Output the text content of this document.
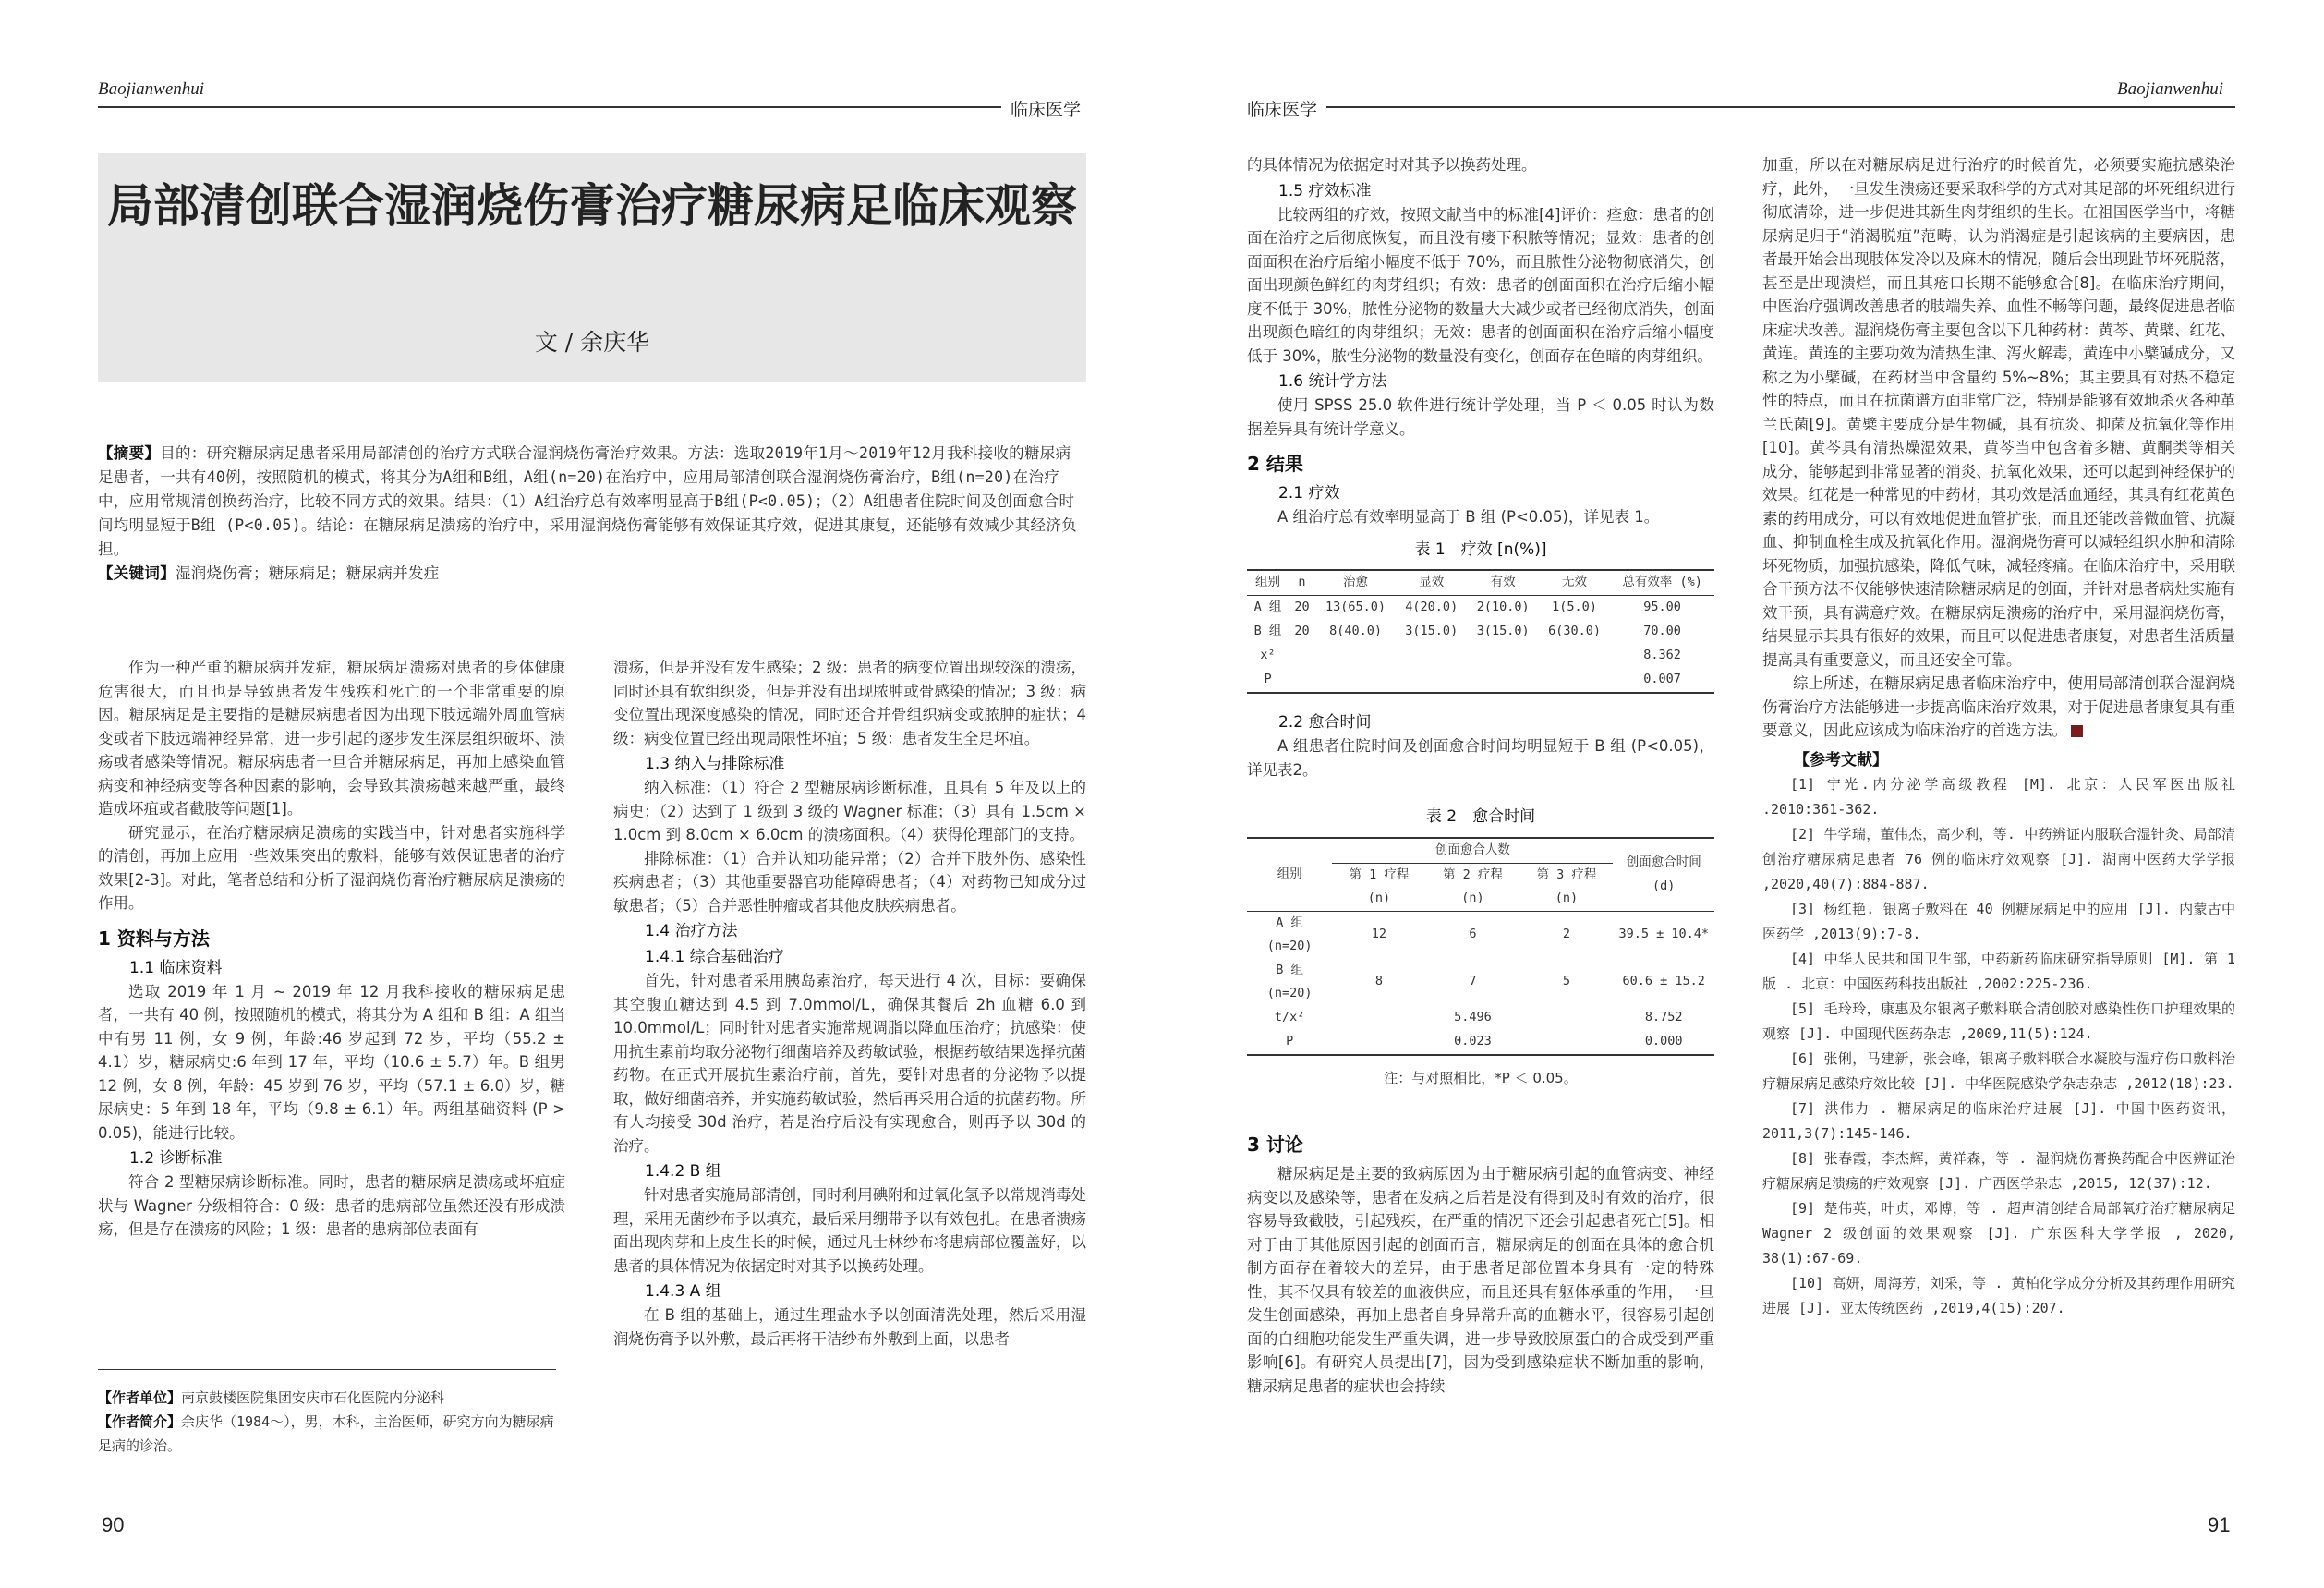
Baojianwenhui
临床医学
局部清创联合湿润烧伤膏治疗糖尿病足临床观察
文 / 余庆华
【摘要】目的：研究糖尿病足患者采用局部清创的治疗方式联合湿润烧伤膏治疗效果。方法：选取2019年1月～2019年12月我科接收的糖尿病足患者，一共有40例，按照随机的模式，将其分为A组和B组，A组(n=20)在治疗中，应用局部清创联合湿润烧伤膏治疗，B组(n=20)在治疗中，应用常规清创换药治疗，比较不同方式的效果。结果：（1）A组治疗总有效率明显高于B组(P<0.05)；（2）A组患者住院时间及创面愈合时间均明显短于B组 (P<0.05)。结论：在糖尿病足溃疡的治疗中，采用湿润烧伤膏能够有效保证其疗效，促进其康复，还能够有效减少其经济负担。
【关键词】湿润烧伤膏；糖尿病足；糖尿病并发症

作为一种严重的糖尿病并发症，糖尿病足溃疡对患者的身体健康危害很大，而且也是导致患者发生残疾和死亡的一个非常重要的原因。糖尿病足是主要指的是糖尿病患者因为出现下肢远端外周血管病变或者下肢远端神经异常，进一步引起的逐步发生深层组织破坏、溃疡或者感染等情况。糖尿病患者一旦合并糖尿病足，再加上感染血管病变和神经病变等各种因素的影响，会导致其溃疡越来越严重，最终造成坏疽或者截肢等问题[1]。

研究显示，在治疗糖尿病足溃疡的实践当中，针对患者实施科学的清创，再加上应用一些效果突出的敷料，能够有效保证患者的治疗效果[2-3]。对此，笔者总结和分析了湿润烧伤膏治疗糖尿病足溃疡的作用。

1 资料与方法
1.1 临床资料

选取 2019 年 1 月 ~ 2019 年 12 月我科接收的糖尿病足患者，一共有 40 例，按照随机的模式，将其分为 A 组和 B 组：A 组当中有男 11 例，女 9 例，年龄:46 岁起到 72 岁，平均（55.2 ± 4.1）岁，糖尿病史:6 年到 17 年，平均（10.6 ± 5.7）年。B 组男 12 例，女 8 例，年龄：45 岁到 76 岁，平均（57.1 ± 6.0）岁，糖尿病史：5 年到 18 年，平均（9.8 ± 6.1）年。两组基础资料 (P > 0.05)，能进行比较。

1.2 诊断标准

符合 2 型糖尿病诊断标准。同时，患者的糖尿病足溃疡或坏疽症状与 Wagner 分级相符合：0 级：患者的患病部位虽然还没有形成溃疡，但是存在溃疡的风险；1 级：患者的患病部位表面有

溃疡，但是并没有发生感染；2 级：患者的病变位置出现较深的溃疡，同时还具有软组织炎，但是并没有出现脓肿或骨感染的情况；3 级：病变位置出现深度感染的情况，同时还合并骨组织病变或脓肿的症状；4 级：病变位置已经出现局限性坏疽；5 级：患者发生全足坏疽。

1.3 纳入与排除标准

纳入标准：（1）符合 2 型糖尿病诊断标准，且具有 5 年及以上的病史；（2）达到了 1 级到 3 级的 Wagner 标准；（3）具有 1.5cm × 1.0cm 到 8.0cm × 6.0cm 的溃疡面积。（4）获得伦理部门的支持。

排除标准：（1）合并认知功能异常；（2）合并下肢外伤、感染性疾病患者；（3）其他重要器官功能障碍患者；（4）对药物已知成分过敏患者；（5）合并恶性肿瘤或者其他皮肤疾病患者。

1.4 治疗方法
1.4.1 综合基础治疗

首先，针对患者采用胰岛素治疗，每天进行 4 次，目标：要确保其空腹血糖达到 4.5 到 7.0mmol/L，确保其餐后 2h 血糖 6.0 到 10.0mmol/L；同时针对患者实施常规调脂以降血压治疗；抗感染：使用抗生素前均取分泌物行细菌培养及药敏试验，根据药敏结果选择抗菌药物。在正式开展抗生素治疗前，首先，要针对患者的分泌物予以提取，做好细菌培养，并实施药敏试验，然后再采用合适的抗菌药物。所有人均接受 30d 治疗，若是治疗后没有实现愈合，则再予以 30d 的治疗。

1.4.2 B 组

针对患者实施局部清创，同时利用碘附和过氧化氢予以常规消毒处理，采用无菌纱布予以填充，最后采用绷带予以有效包扎。在患者溃疡面出现肉芽和上皮生长的时候，通过凡士林纱布将患病部位覆盖好，以患者的具体情况为依据定时对其予以换药处理。

1.4.3 A 组

在 B 组的基础上，通过生理盐水予以创面清洗处理，然后采用湿润烧伤膏予以外敷，最后再将干洁纱布外敷到上面，以患者

【作者单位】南京鼓楼医院集团安庆市石化医院内分泌科
【作者简介】余庆华（1984～），男，本科，主治医师，研究方向为糖尿病足病的诊治。
90
临床医学
Baojianwenhui

的具体情况为依据定时对其予以换药处理。

1.5 疗效标准

比较两组的疗效，按照文献当中的标准[4]评价：痊愈：患者的创面在治疗之后彻底恢复，而且没有瘘下积脓等情况；显效：患者的创面面积在治疗后缩小幅度不低于 70%，而且脓性分泌物彻底消失，创面出现颜色鲜红的肉芽组织；有效：患者的创面面积在治疗后缩小幅度不低于 30%，脓性分泌物的数量大大减少或者已经彻底消失，创面出现颜色暗红的肉芽组织；无效：患者的创面面积在治疗后缩小幅度低于 30%，脓性分泌物的数量没有变化，创面存在色暗的肉芽组织。

1.6 统计学方法

使用 SPSS 25.0 软件进行统计学处理，当 P ＜ 0.05 时认为数据差异具有统计学意义。

2 结果
2.1 疗效

A 组治疗总有效率明显高于 B 组 (P<0.05)，详见表 1。

表 1　疗效 [n(%)]
组别	n	治愈	显效	有效	无效	总有效率 (%)
A 组	20	13(65.0)	4(20.0)	2(10.0)	1(5.0)	95.00
B 组	20	8(40.0)	3(15.0)	3(15.0)	6(30.0)	70.00
x²						8.362
P						0.007
2.2 愈合时间

A 组患者住院时间及创面愈合时间均明显短于 B 组 (P<0.05)，详见表2。

表 2　愈合时间
组别	创面愈合人数			创面愈合时间(d)
	第 1 疗程 (n)	第 2 疗程 (n)	第 3 疗程 (n)	
A 组 (n=20)	12	6	2	39.5 ± 10.4*
B 组 (n=20)	8	7	5	60.6 ± 15.2
t/x²		5.496		8.752
P		0.023		0.000
注：与对照相比，*P ＜ 0.05。
3 讨论

糖尿病足是主要的致病原因为由于糖尿病引起的血管病变、神经病变以及感染等，患者在发病之后若是没有得到及时有效的治疗，很容易导致截肢，引起残疾，在严重的情况下还会引起患者死亡[5]。相对于由于其他原因引起的创面而言，糖尿病足的创面在具体的愈合机制方面存在着较大的差异，由于患者足部位置本身具有一定的特殊性，其不仅具有较差的血液供应，而且还具有躯体承重的作用，一旦发生创面感染，再加上患者自身异常升高的血糖水平，很容易引起创面的白细胞功能发生严重失调，进一步导致胶原蛋白的合成受到严重影响[6]。有研究人员提出[7]，因为受到感染症状不断加重的影响，糖尿病足患者的症状也会持续

加重，所以在对糖尿病足进行治疗的时候首先，必须要实施抗感染治疗，此外，一旦发生溃疡还要采取科学的方式对其足部的坏死组织进行彻底清除，进一步促进其新生肉芽组织的生长。在祖国医学当中，将糖尿病足归于“消渴脱疽”范畴，认为消渴症是引起该病的主要病因，患者最开始会出现肢体发冷以及麻木的情况，随后会出现趾节坏死脱落，甚至是出现溃烂，而且其疮口长期不能够愈合[8]。在临床治疗期间，中医治疗强调改善患者的肢端失养、血性不畅等问题，最终促进患者临床症状改善。湿润烧伤膏主要包含以下几种药材：黄芩、黄檗、红花、黄连。黄连的主要功效为清热生津、泻火解毒，黄连中小檗碱成分，又称之为小檗碱，在药材当中含量约 5%~8%；其主要具有对热不稳定性的特点，而且在抗菌谱方面非常广泛，特别是能够有效地杀灭各种革兰氏菌[9]。黄檗主要成分是生物碱，具有抗炎、抑菌及抗氧化等作用[10]。黄芩具有清热燥湿效果，黄芩当中包含着多糖、黄酮类等相关成分，能够起到非常显著的消炎、抗氧化效果，还可以起到神经保护的效果。红花是一种常见的中药材，其功效是活血通经，其具有红花黄色素的药用成分，可以有效地促进血管扩张，而且还能改善微血管、抗凝血、抑制血栓生成及抗氧化作用。湿润烧伤膏可以减轻组织水肿和清除坏死物质，加强抗感染，降低气味，减轻疼痛。在临床治疗中，采用联合干预方法不仅能够快速清除糖尿病足的创面，并针对患者病灶实施有效干预，具有满意疗效。在糖尿病足溃疡的治疗中，采用湿润烧伤膏，结果显示其具有很好的效果，而且可以促进患者康复，对患者生活质量提高具有重要意义，而且还安全可靠。

综上所述，在糖尿病足患者临床治疗中，使用局部清创联合湿润烧伤膏治疗方法能够进一步提高临床治疗效果，对于促进患者康复具有重要意义，因此应该成为临床治疗的首选方法。

【参考文献】

[1] 宁光.内分泌学高级教程 [M]. 北京：人民军医出版社 .2010:361-362.

[2] 牛学瑞，董伟杰，高少利，等. 中药辨证内服联合湿针灸、局部清创治疗糖尿病足患者 76 例的临床疗效观察 [J]. 湖南中医药大学学报 ,2020,40(7):884-887.

[3] 杨红艳. 银离子敷料在 40 例糖尿病足中的应用 [J]. 内蒙古中医药学 ,2013(9):7-8.

[4] 中华人民共和国卫生部，中药新药临床研究指导原则 [M]. 第 1 版 . 北京：中国医药科技出版社 ,2002:225-236.

[5] 毛玲玲，康惠及尔银离子敷料联合清创胶对感染性伤口护理效果的观察 [J]. 中国现代医药杂志 ,2009,11(5):124.

[6] 张俐，马建新，张会峰，银离子敷料联合水凝胶与湿疗伤口敷料治疗糖尿病足感染疗效比较 [J]. 中华医院感染学杂志杂志 ,2012(18):23.

[7] 洪伟力 . 糖尿病足的临床治疗进展 [J]. 中国中医药资讯，2011,3(7):145-146.

[8] 张春霞，李杰辉，黄祥森，等 . 湿润烧伤膏换药配合中医辨证治疗糖尿病足溃疡的疗效观察 [J]. 广西医学杂志 ,2015, 12(37):12.

[9] 楚伟英，叶贞，邓博，等 . 超声清创结合局部氧疗治疗糖尿病足 Wagner 2 级创面的效果观察 [J]. 广东医科大学学报 , 2020, 38(1):67-69.

[10] 高妍，周海芳，刘采，等 . 黄柏化学成分分析及其药理作用研究进展 [J]. 亚太传统医药 ,2019,4(15):207.

91
